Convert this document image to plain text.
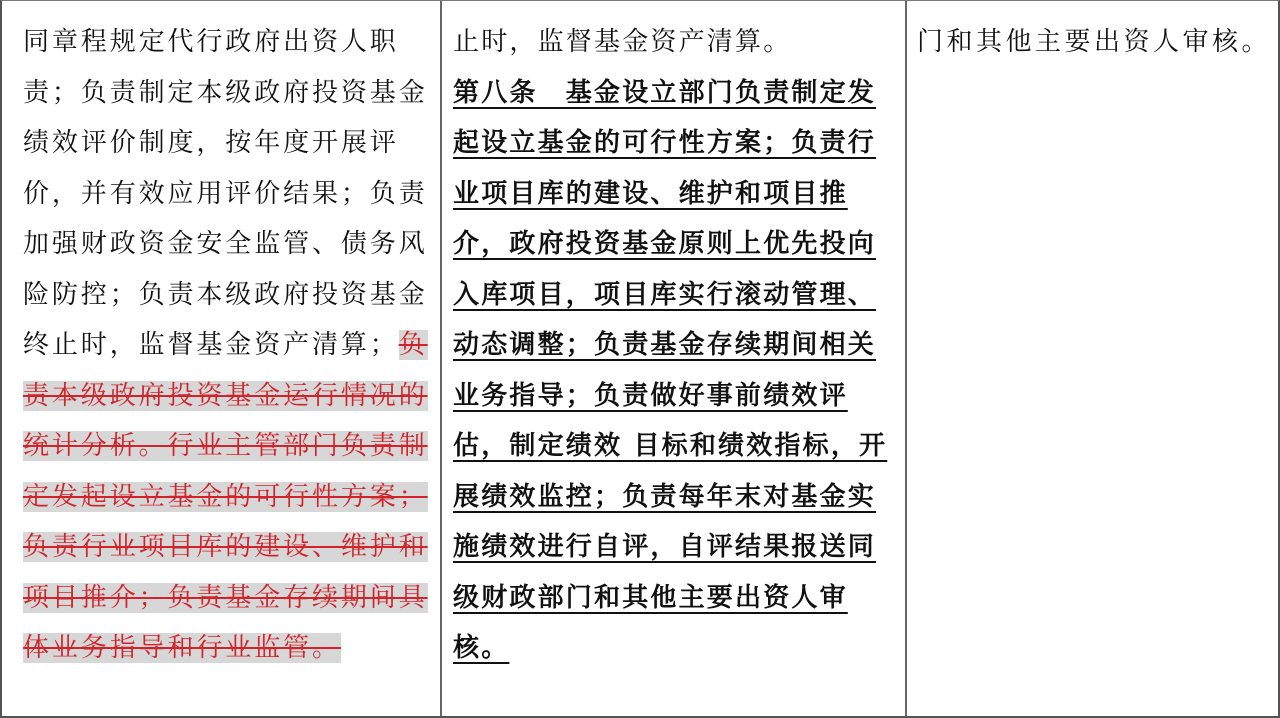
同章程规定代行政府出资人职责；负责制定本级政府投资基金绩效评价制度，按年度开展评价，并有效应用评价结果；负责加强财政资金安全监管、债务风险防控；负责本级政府投资基金终止时，监督基金资产清算；负责本级政府投资基金运行情况的统计分析。行业主管部门负责制定发起设立基金的可行性方案；负责行业项目库的建设、维护和项目推介；负责基金存续期间具体业务指导和行业监管。
止时，监督基金资产清算。
第八条　基金设立部门负责制定发起设立基金的可行性方案；负责行业项目库的建设、维护和项目推介，政府投资基金原则上优先投向入库项目，项目库实行滚动管理、动态调整；负责基金存续期间相关业务指导；负责做好事前绩效评估，制定绩效 目标和绩效指标，开展绩效监控；负责每年末对基金实施绩效进行自评，自评结果报送同级财政部门和其他主要出资人审核。
门和其他主要出资人审核。
